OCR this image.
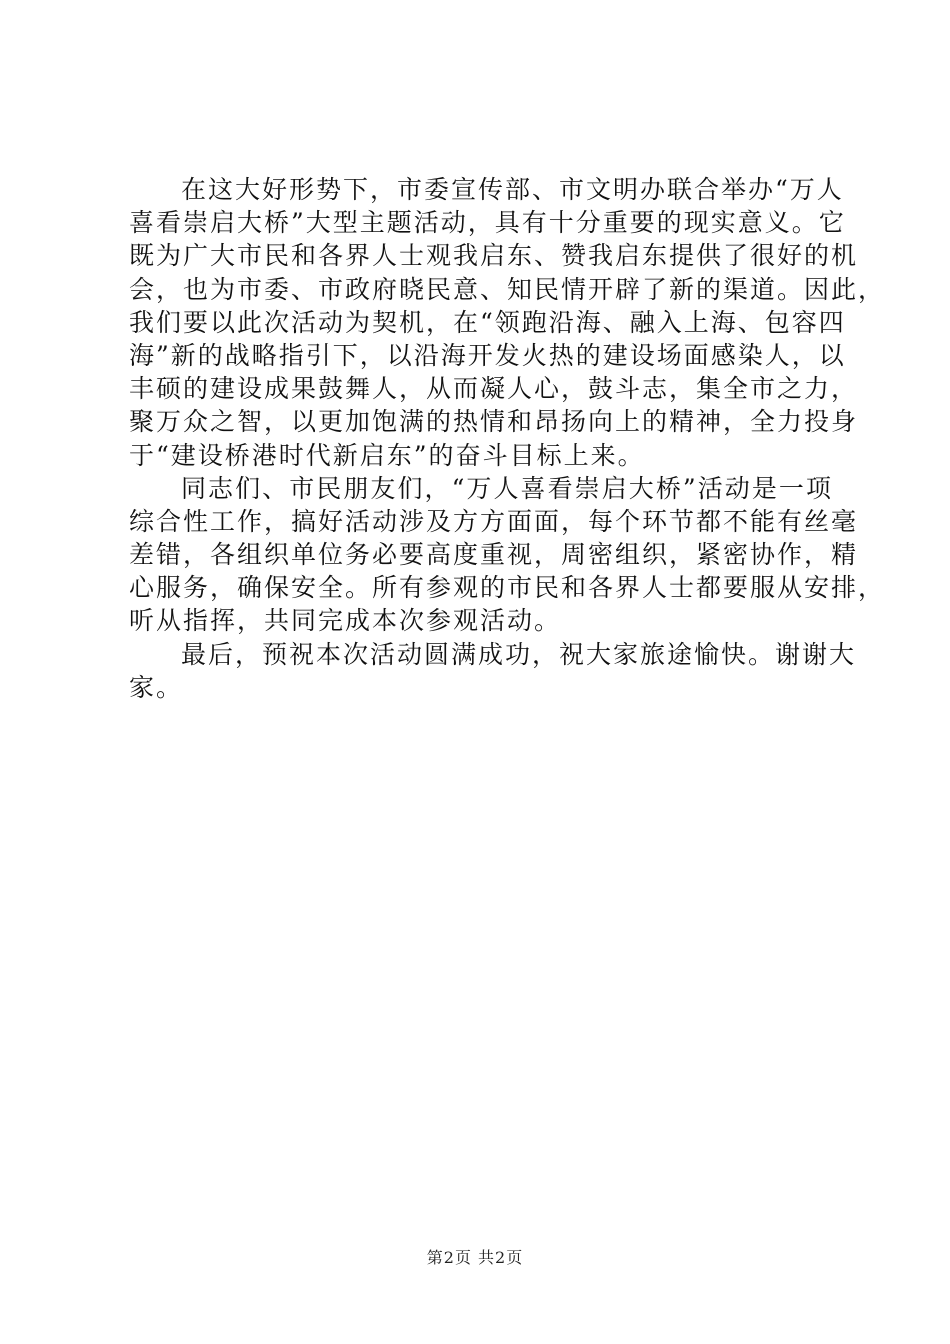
在这大好形势下，市委宣传部、市文明办联合举办“万人
喜看崇启大桥”大型主题活动，具有十分重要的现实意义。它
既为广大市民和各界人士观我启东、赞我启东提供了很好的机
会，也为市委、市政府晓民意、知民情开辟了新的渠道。因此，
我们要以此次活动为契机，在“领跑沿海、融入上海、包容四
海”新的战略指引下，以沿海开发火热的建设场面感染人，以
丰硕的建设成果鼓舞人，从而凝人心，鼓斗志，集全市之力，
聚万众之智，以更加饱满的热情和昂扬向上的精神，全力投身
于“建设桥港时代新启东”的奋斗目标上来。
同志们、市民朋友们，“万人喜看崇启大桥”活动是一项
综合性工作，搞好活动涉及方方面面，每个环节都不能有丝毫
差错，各组织单位务必要高度重视，周密组织，紧密协作，精
心服务，确保安全。所有参观的市民和各界人士都要服从安排，
听从指挥，共同完成本次参观活动。
最后，预祝本次活动圆满成功，祝大家旅途愉快。谢谢大
家。
第2页 共2页
